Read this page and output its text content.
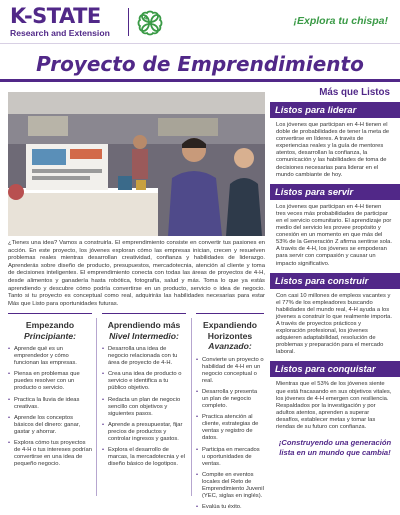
K-STATE
Research and Extension
¡Explora tu chispa!
Proyecto de Emprendimiento
¿Tienes una idea? Vamos a construirla. El emprendimiento consiste en convertir tus pasiones en acción. En este proyecto, los jóvenes exploran cómo las empresas inician, crecen y resuelven problemas reales mientras desarrollan creatividad, confianza y habilidades de liderazgo. Aprenderás sobre diseño de producto, presupuestos, mercadotecnia, atención al cliente y toma de decisiones inteligentes. El emprendimiento conecta con todas las áreas de proyectos de 4-H, desde alimentos y ganadería hasta robótica, fotografía, salud y más. Toma lo que ya estás aprendiendo y descubre cómo podría convertirse en un producto, servicio o idea de negocio. Tanto si tu proyecto es conceptual como real, adquirirás las habilidades necesarias para estar Más que Listo para oportunidades futuras.
Empezando
Principiante:
• Aprende qué es un emprendedor y cómo funcionan las empresas.
• Piensa en problemas que puedes resolver con un producto o servicio.
• Practica la lluvia de ideas creativas.
• Aprende los conceptos básicos del dinero: ganar, gastar y ahorrar.
• Explora cómo tus proyectos de 4-H o tus intereses podrían convertirse en una idea de pequeño negocio.
Aprendiendo más
Nivel Intermedio:
• Desarrolla una idea de negocio relacionada con tu área de proyecto de 4-H.
• Crea una idea de producto o servicio e identifica a tu público objetivo.
• Redacta un plan de negocio sencillo con objetivos y siguientes pasos.
• Aprende a presupuestar, fijar precios de productos y controlar ingresos y gastos.
• Explora el desarrollo de marcas, la mercadotecnia y el diseño básico de logotipos.
Expandiendo Horizontes
Avanzado:
• Convierte un proyecto o habilidad de 4-H en un negocio conceptual o real.
• Desarrolla y presenta un plan de negocio completo.
• Practica atención al cliente, estrategias de ventas y registro de datos.
• Participa en mercados u oportunidades de ventas.
• Compite en eventos locales del Reto de Emprendimiento Juvenil (YEC, siglas en inglés).
• Evalúa tu éxito.
Más que Listos
Listos para liderar
Los jóvenes que participan en 4-H tienen el doble de probabilidades de tener la meta de convertirse en líderes. A través de experiencias reales y la guía de mentores atentos, desarrollan la confianza, la comunicación y las habilidades de toma de decisiones necesarias para liderar en el mundo cambiante de hoy.
Listos para servir
Los jóvenes que participan en 4-H tienen tres veces más probabilidades de participar en el servicio comunitario. El aprendizaje por medio del servicio les provee propósito y conexión en un momento en que más del 53% de la Generación Z afirma sentirse sola. A través de 4-H, los jóvenes se empoderan para servir con compasión y causar un impacto significativo.
Listos para construir
Con casi 10 millones de empleos vacantes y el 77% de los empleadores buscando habilidades del mundo real, 4-H ayuda a los jóvenes a construir lo que realmente importa. A través de proyectos prácticos y exploración profesional, los jóvenes adquieren adaptabilidad, resolución de problemas y preparación para el mercado laboral.
Listos para conquistar
Mientras que el 53% de los jóvenes siente que está fracasando en sus objetivos vitales, los jóvenes de 4-H emergen con resiliencia. Respaldados por la investigación y por adultos atentos, aprenden a superar desafíos, establecer metas y tomar las riendas de su futuro con confianza.
¡Construyendo una generación lista en un mundo que cambia!
